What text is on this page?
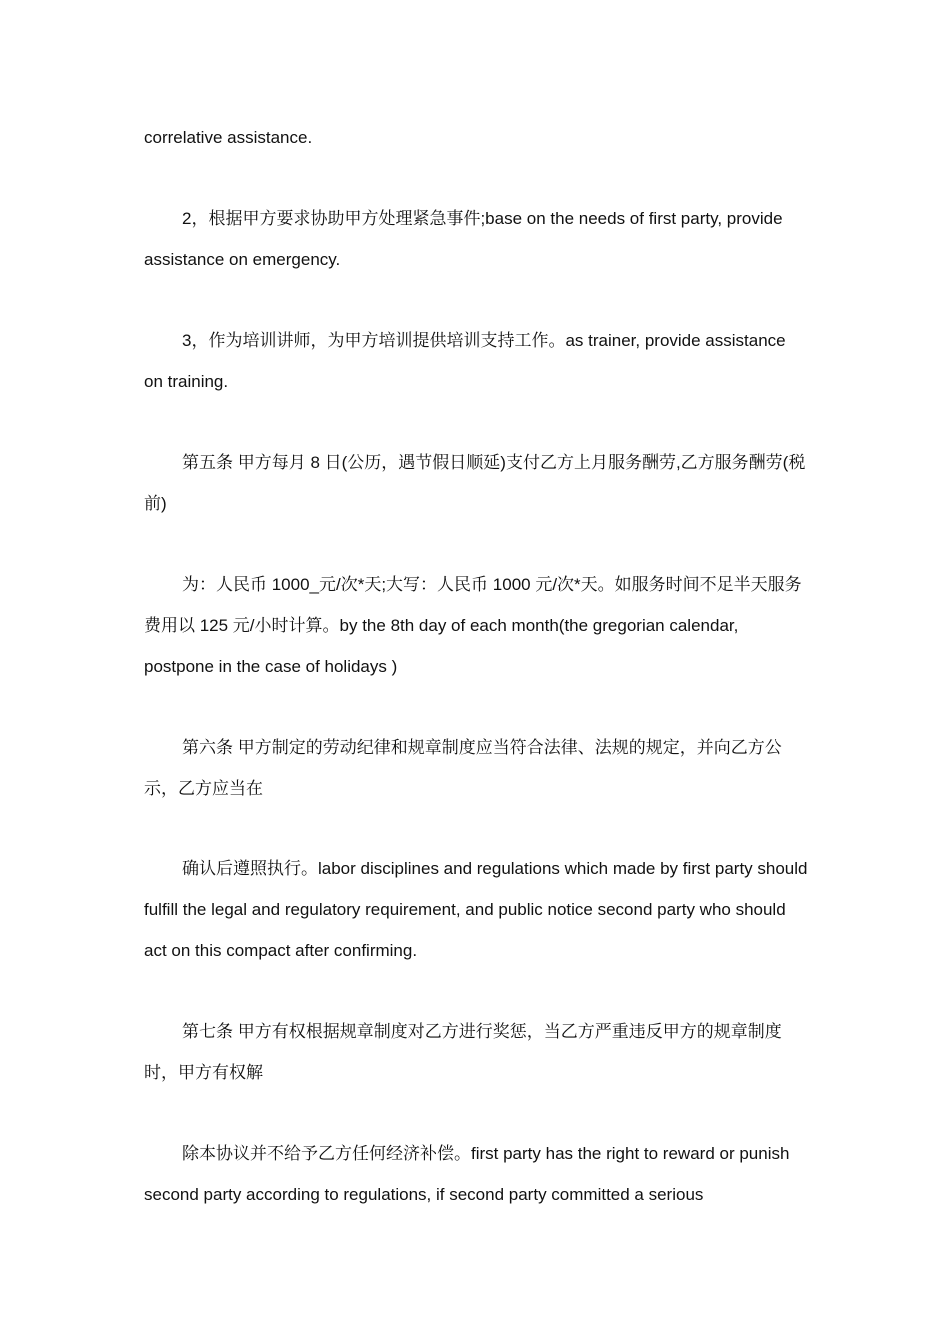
correlative assistance.

2，根据甲方要求协助甲方处理紧急事件;base on the needs of first party, provide assistance on emergency.

3，作为培训讲师，为甲方培训提供培训支持工作。as trainer, provide assistance on training.

第五条 甲方每月 8 日(公历，遇节假日顺延)支付乙方上月服务酬劳,乙方服务酬劳(税前)

为：人民币 1000_元/次*天;大写：人民币 1000 元/次*天。如服务时间不足半天服务费用以 125 元/小时计算。by the 8th day of each month(the gregorian calendar, postpone in the case of holidays )

第六条 甲方制定的劳动纪律和规章制度应当符合法律、法规的规定，并向乙方公示，乙方应当在

确认后遵照执行。labor disciplines and regulations which made by first party should fulfill the legal and regulatory requirement, and public notice second party who should act on this compact after confirming.

第七条 甲方有权根据规章制度对乙方进行奖惩，当乙方严重违反甲方的规章制度时，甲方有权解

除本协议并不给予乙方任何经济补偿。first party has the right to reward or punish second party according to regulations, if second party committed a serious
